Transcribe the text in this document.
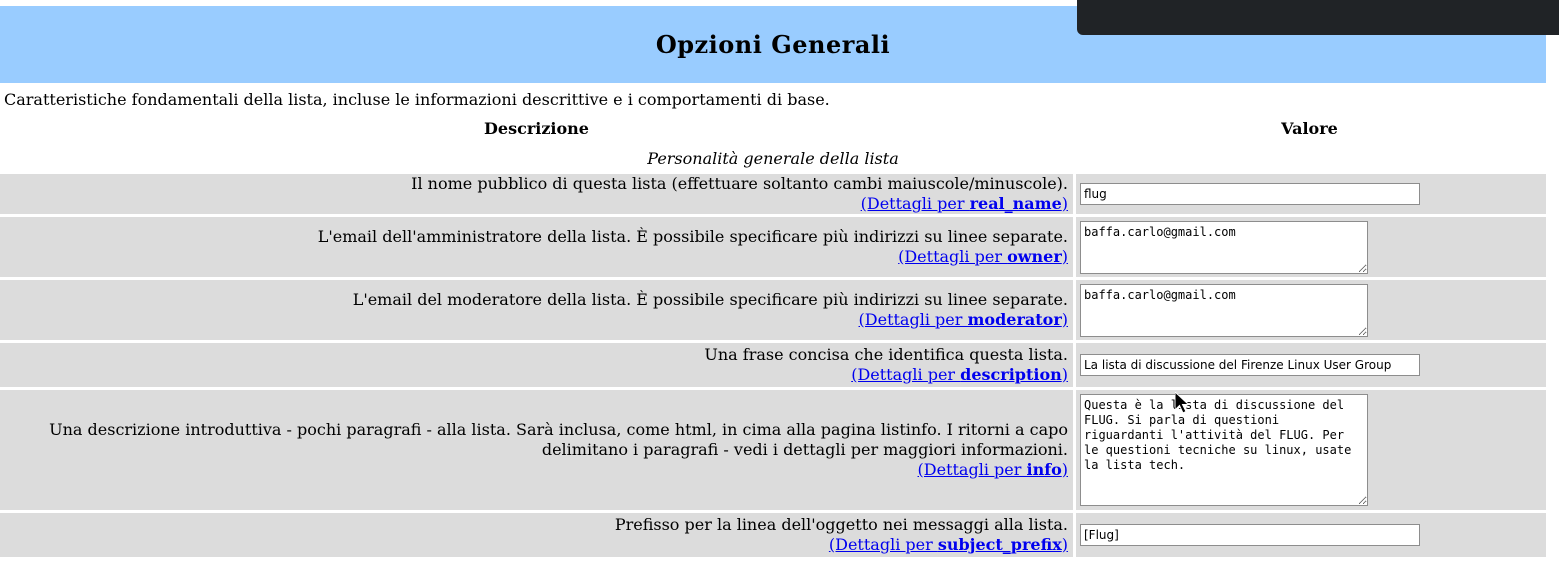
Opzioni Generali
Caratteristiche fondamentali della lista, incluse le informazioni descrittive e i comportamenti di base.
Descrizione	Valore
Personalità generale della lista
Il nome pubblico di questa lista (effettuare soltanto cambi maiuscole/minuscole).
(Dettagli per real_name)
flug
L'email dell'amministratore della lista. È possibile specificare più indirizzi su linee separate.
(Dettagli per owner)
baffa.carlo@gmail.com
L'email del moderatore della lista. È possibile specificare più indirizzi su linee separate.
(Dettagli per moderator)
baffa.carlo@gmail.com
Una frase concisa che identifica questa lista.
(Dettagli per description)
La lista di discussione del Firenze Linux User Group
Una descrizione introduttiva - pochi paragrafi - alla lista. Sarà inclusa, come html, in cima alla pagina listinfo. I ritorni a capo
delimitano i paragrafi - vedi i dettagli per maggiori informazioni.
(Dettagli per info)
Questa è la lista di discussione del FLUG. Si parla di questioni riguardanti l'attività del FLUG. Per le questioni tecniche su linux, usate la lista tech.
Prefisso per la linea dell'oggetto nei messaggi alla lista.
(Dettagli per subject_prefix)
[Flug]
